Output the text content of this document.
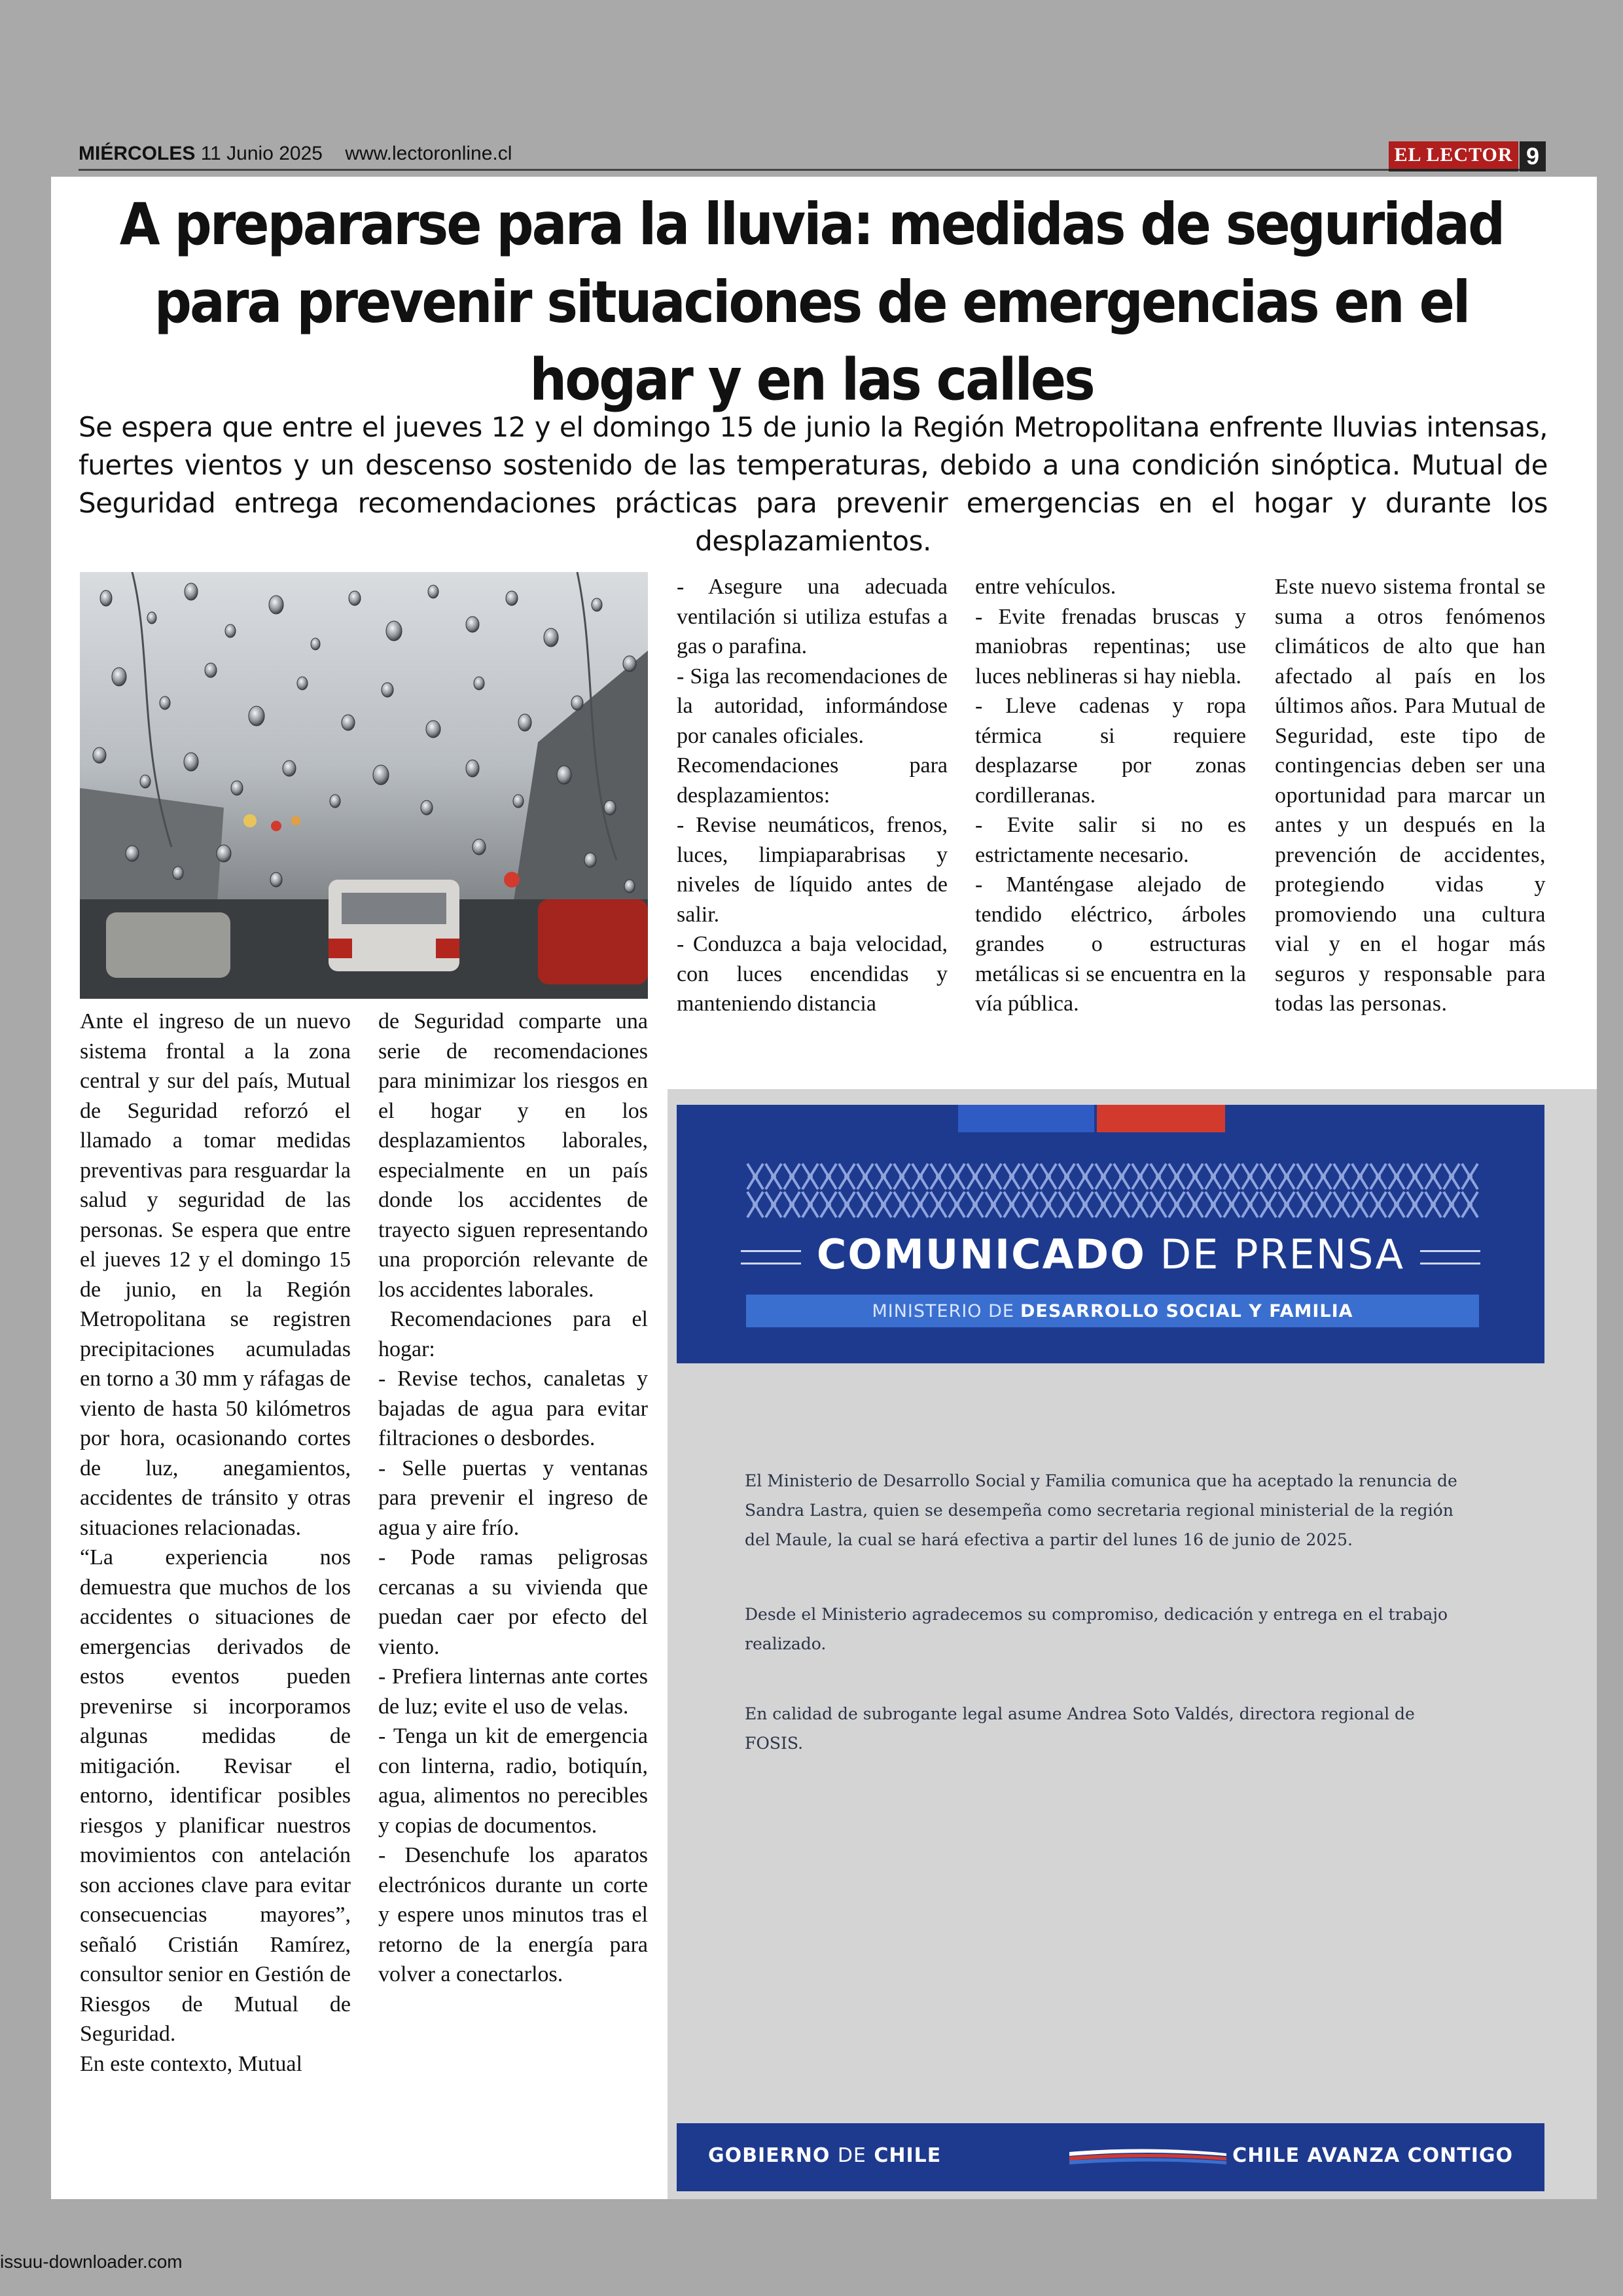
MIÉRCOLES 11 Junio 2025 www.lectoronline.cl	EL LECTOR 9
A prepararse para la lluvia: medidas de seguridad para prevenir situaciones de emergencias en el hogar y en las calles
Se espera que entre el jueves 12 y el domingo 15 de junio la Región Metropolitana enfrente lluvias intensas, fuertes vientos y un descenso sostenido de las temperaturas, debido a una condición sinóptica. Mutual de Seguridad entrega recomendaciones prácticas para prevenir emergencias en el hogar y durante los desplazamientos.

Ante el ingreso de un nuevo sistema frontal a la zona central y sur del país, Mutual de Seguridad reforzó el llamado a tomar medidas preventivas para resguardar la salud y seguridad de las personas. Se espera que entre el jueves 12 y el domingo 15 de junio, en la Región Metropolitana se registren precipitaciones acumuladas en torno a 30 mm y ráfagas de viento de hasta 50 kilómetros por hora, ocasionando cortes de luz, anegamientos, accidentes de tránsito y otras situaciones relacionadas.

“La experiencia nos demuestra que muchos de los accidentes o situaciones de emergencias derivados de estos eventos pueden prevenirse si incorporamos algunas medidas de mitigación. Revisar el entorno, identificar posibles riesgos y planificar nuestros movimientos con antelación son acciones clave para evitar consecuencias mayores”, señaló Cristián Ramírez, consultor senior en Gestión de Riesgos de Mutual de Seguridad.

En este contexto, Mutual

de Seguridad comparte una serie de recomendaciones para minimizar los riesgos en el hogar y en los desplazamientos laborales, especialmente en un país donde los accidentes de trayecto siguen representando una proporción relevante de los accidentes laborales.

Recomendaciones para el hogar:

- Revise techos, canaletas y bajadas de agua para evitar filtraciones o desbordes.

- Selle puertas y ventanas para prevenir el ingreso de agua y aire frío.

- Pode ramas peligrosas cercanas a su vivienda que puedan caer por efecto del viento.

- Prefiera linternas ante cortes de luz; evite el uso de velas.

- Tenga un kit de emergencia con linterna, radio, botiquín, agua, alimentos no perecibles y copias de documentos.

- Desenchufe los aparatos electrónicos durante un corte y espere unos minutos tras el retorno de la energía para volver a conectarlos.

- Asegure una adecuada ventilación si utiliza estufas a gas o parafina.

- Siga las recomendaciones de la autoridad, informándose por canales oficiales.

Recomendaciones para desplazamientos:

- Revise neumáticos, frenos, luces, limpiaparabrisas y niveles de líquido antes de salir.

- Conduzca a baja velocidad, con luces encendidas y manteniendo distancia

entre vehículos.

- Evite frenadas bruscas y maniobras repentinas; use luces neblineras si hay niebla.

- Lleve cadenas y ropa térmica si requiere desplazarse por zonas cordilleranas.

- Evite salir si no es estrictamente necesario.

- Manténgase alejado de tendido eléctrico, árboles grandes o estructuras metálicas si se encuentra en la vía pública.

Este nuevo sistema frontal se suma a otros fenómenos climáticos de alto que han afectado al país en los últimos años. Para Mutual de Seguridad, este tipo de contingencias deben ser una oportunidad para marcar un antes y un después en la prevención de accidentes, protegiendo vidas y promoviendo una cultura vial y en el hogar más seguros y responsable para todas las personas.

COMUNICADO DE PRENSA
MINISTERIO DE DESARROLLO SOCIAL Y FAMILIA

El Ministerio de Desarrollo Social y Familia comunica que ha aceptado la renuncia de Sandra Lastra, quien se desempeña como secretaria regional ministerial de la región del Maule, la cual se hará efectiva a partir del lunes 16 de junio de 2025.

Desde el Ministerio agradecemos su compromiso, dedicación y entrega en el trabajo realizado.

En calidad de subrogante legal asume Andrea Soto Valdés, directora regional de FOSIS.

GOBIERNO DE CHILE	CHILE AVANZA CONTIGO
issuu-downloader.com
